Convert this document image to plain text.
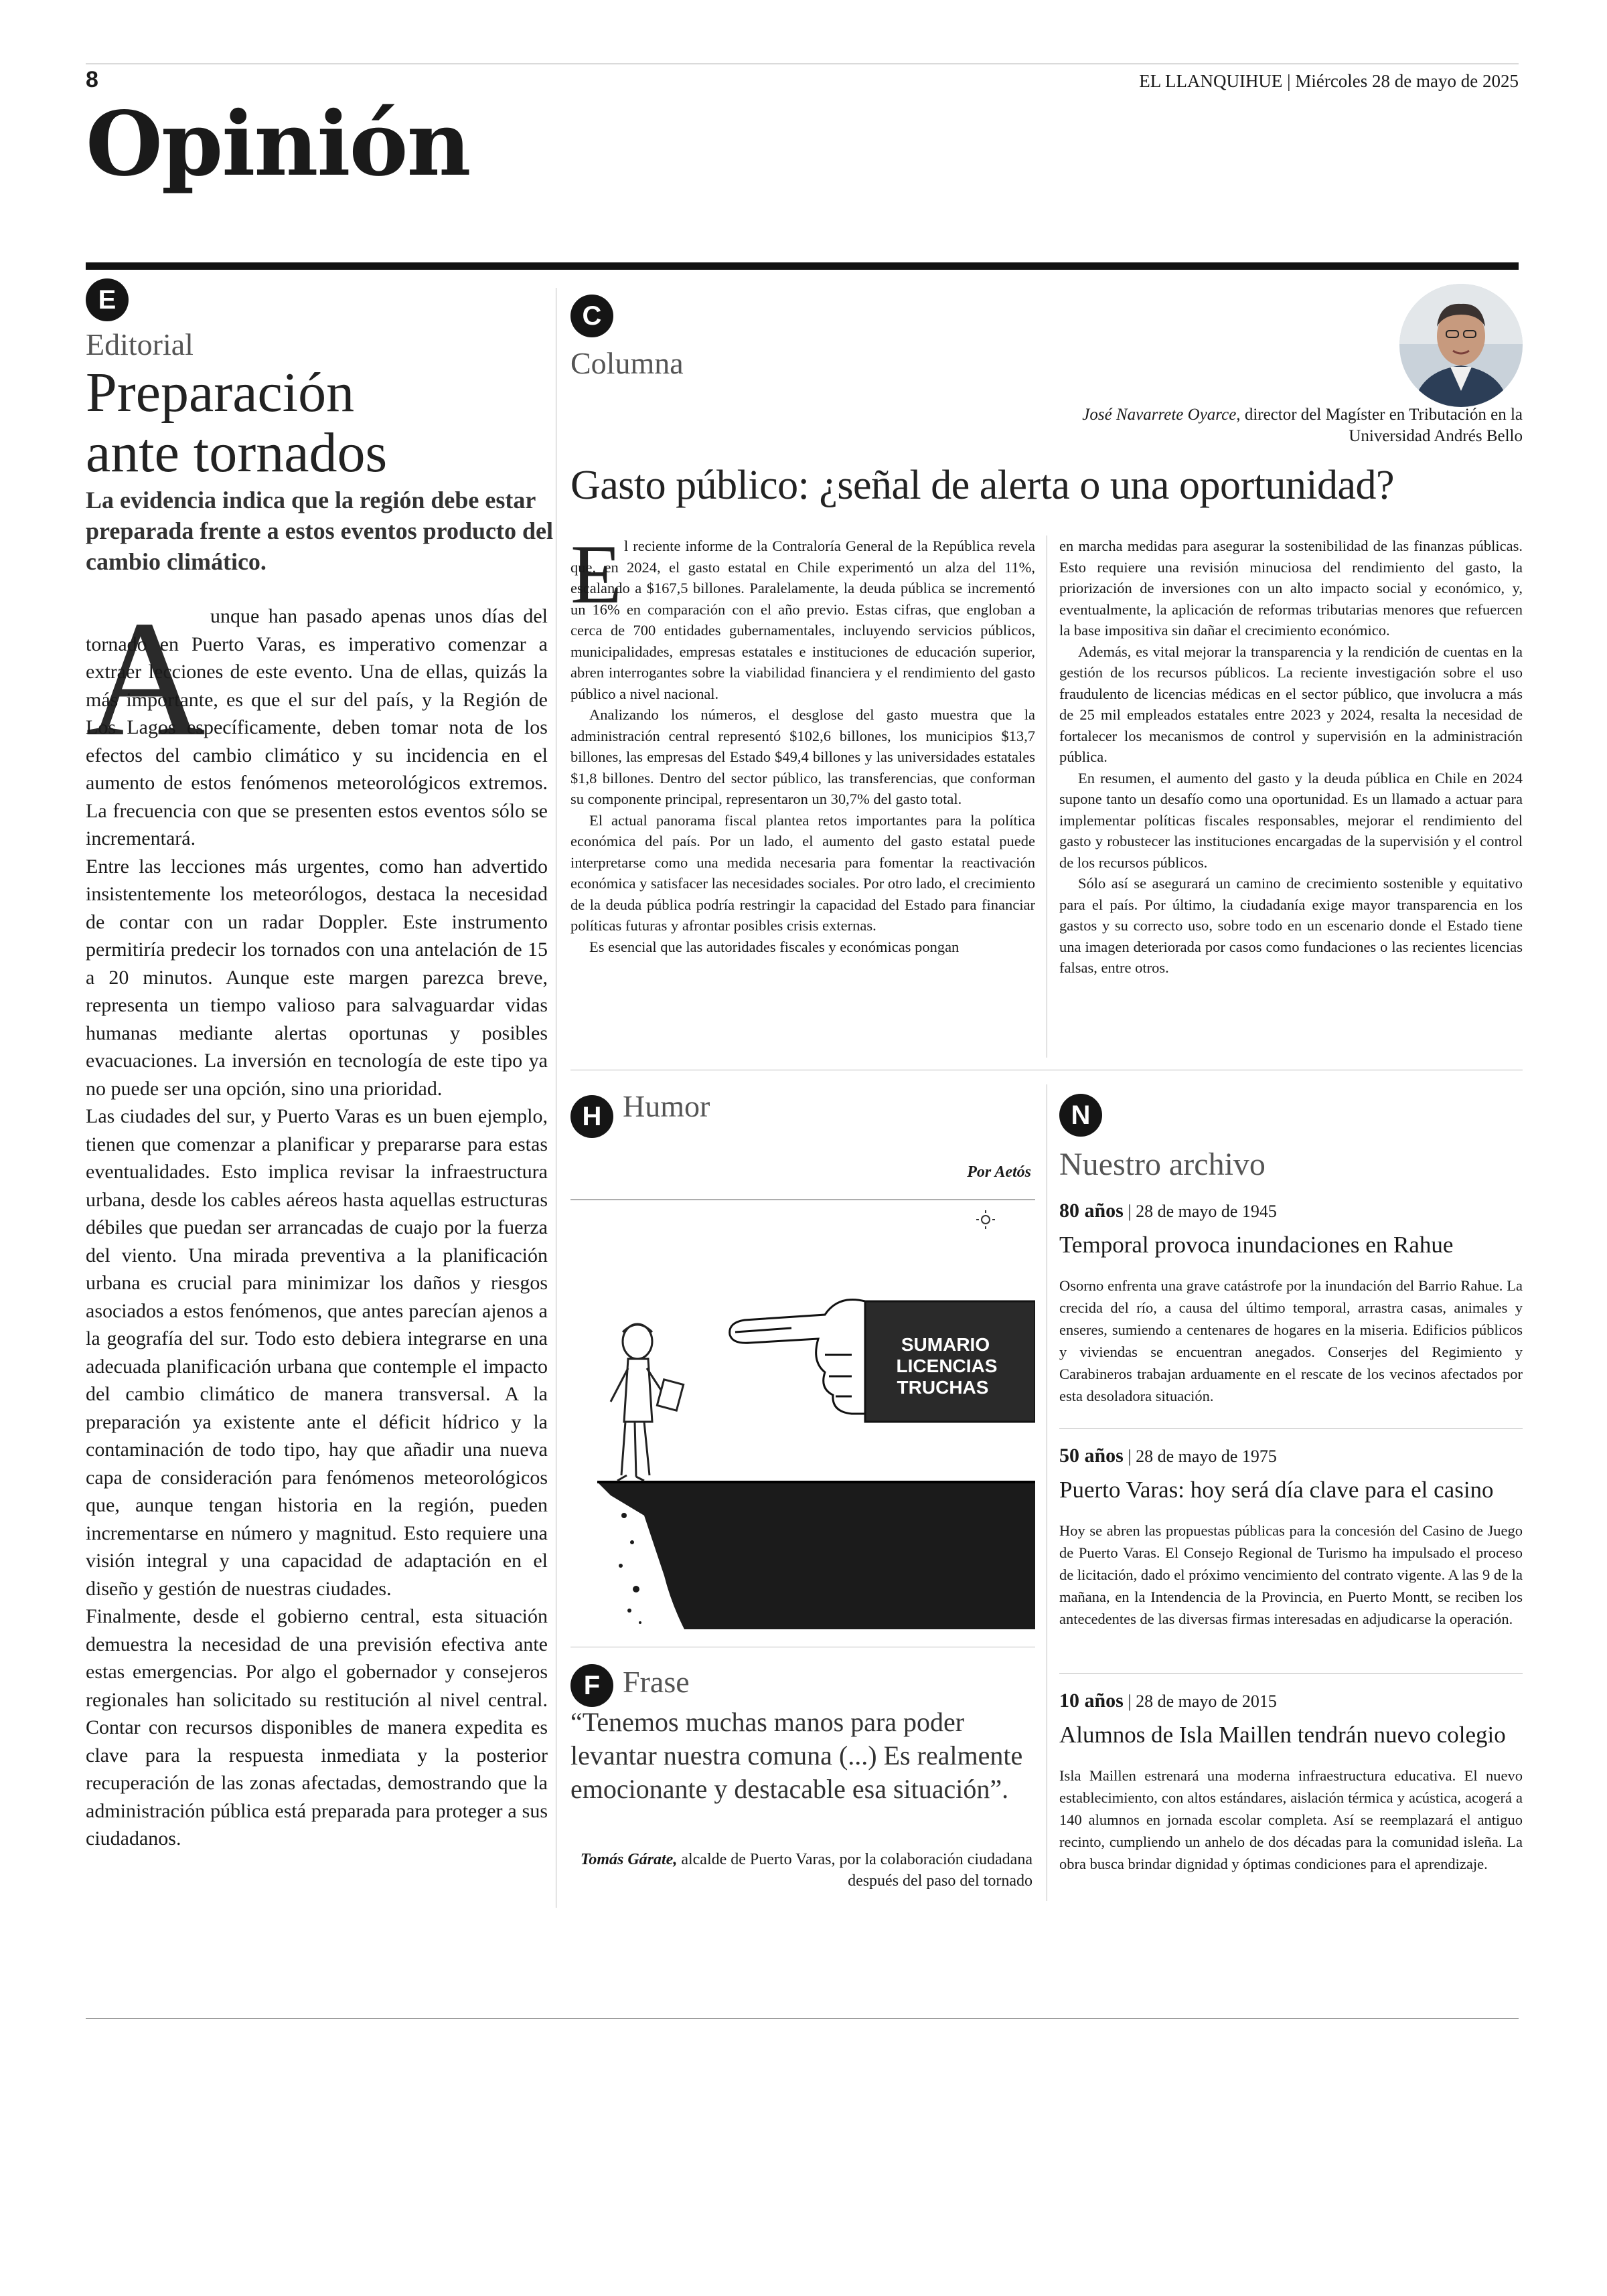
8	EL LLANQUIHUE | Miércoles 28 de mayo de 2025
Opinión
E
Editorial
Preparación
ante tornados
La evidencia indica que la región debe estar preparada frente a estos eventos producto del cambio climático.
A unque han pasado apenas unos días del tornado en Puerto Varas, es imperativo comenzar a extraer lecciones de este evento. Una de ellas, quizás la más importante, es que el sur del país, y la Región de Los Lagos específicamente, deben tomar nota de los efectos del cambio climático y su incidencia en el aumento de estos fenómenos meteorológicos extremos. La frecuencia con que se presenten estos eventos sólo se incrementará.

Entre las lecciones más urgentes, como han advertido insistentemente los meteorólogos, destaca la necesidad de contar con un radar Doppler. Este instrumento permitiría predecir los tornados con una antelación de 15 a 20 minutos. Aunque este margen parezca breve, representa un tiempo valioso para salvaguardar vidas humanas mediante alertas oportunas y posibles evacuaciones. La inversión en tecnología de este tipo ya no puede ser una opción, sino una prioridad.

Las ciudades del sur, y Puerto Varas es un buen ejemplo, tienen que comenzar a planificar y prepararse para estas eventualidades. Esto implica revisar la infraestructura urbana, desde los cables aéreos hasta aquellas estructuras débiles que puedan ser arrancadas de cuajo por la fuerza del viento. Una mirada preventiva a la planificación urbana es crucial para minimizar los daños y riesgos asociados a estos fenómenos, que antes parecían ajenos a la geografía del sur. Todo esto debiera integrarse en una adecuada planificación urbana que contemple el impacto del cambio climático de manera transversal. A la preparación ya existente ante el déficit hídrico y la contaminación de todo tipo, hay que añadir una nueva capa de consideración para fenómenos meteorológicos que, aunque tengan historia en la región, pueden incrementarse en número y magnitud. Esto requiere una visión integral y una capacidad de adaptación en el diseño y gestión de nuestras ciudades.

Finalmente, desde el gobierno central, esta situación demuestra la necesidad de una previsión efectiva ante estas emergencias. Por algo el gobernador y consejeros regionales han solicitado su restitución al nivel central. Contar con recursos disponibles de manera expedita es clave para la respuesta inmediata y la posterior recuperación de las zonas afectadas, demostrando que la administración pública está preparada para proteger a sus ciudadanos.

C
Columna
José Navarrete Oyarce, director del Magíster en Tributación en la Universidad Andrés Bello
Gasto público: ¿señal de alerta o una oportunidad?
E l reciente informe de la Contraloría General de la República revela que, en 2024, el gasto estatal en Chile experimentó un alza del 11%, escalando a $167,5 billones. Paralelamente, la deuda pública se incrementó un 16% en comparación con el año previo. Estas cifras, que engloban a cerca de 700 entidades gubernamentales, incluyendo servicios públicos, municipalidades, empresas estatales e instituciones de educación superior, abren interrogantes sobre la viabilidad financiera y el rendimiento del gasto público a nivel nacional.

Analizando los números, el desglose del gasto muestra que la administración central representó $102,6 billones, los municipios $13,7 billones, las empresas del Estado $49,4 billones y las universidades estatales $1,8 billones. Dentro del sector público, las transferencias, que conforman su componente principal, representaron un 30,7% del gasto total.

El actual panorama fiscal plantea retos importantes para la política económica del país. Por un lado, el aumento del gasto estatal puede interpretarse como una medida necesaria para fomentar la reactivación económica y satisfacer las necesidades sociales. Por otro lado, el crecimiento de la deuda pública podría restringir la capacidad del Estado para financiar políticas futuras y afrontar posibles crisis externas.

Es esencial que las autoridades fiscales y económicas pongan

en marcha medidas para asegurar la sostenibilidad de las finanzas públicas. Esto requiere una revisión minuciosa del rendimiento del gasto, la priorización de inversiones con un alto impacto social y económico, y, eventualmente, la aplicación de reformas tributarias menores que refuercen la base impositiva sin dañar el crecimiento económico.

Además, es vital mejorar la transparencia y la rendición de cuentas en la gestión de los recursos públicos. La reciente investigación sobre el uso fraudulento de licencias médicas en el sector público, que involucra a más de 25 mil empleados estatales entre 2023 y 2024, resalta la necesidad de fortalecer los mecanismos de control y supervisión en la administración pública.

En resumen, el aumento del gasto y la deuda pública en Chile en 2024 supone tanto un desafío como una oportunidad. Es un llamado a actuar para implementar políticas fiscales responsables, mejorar el rendimiento del gasto y robustecer las instituciones encargadas de la supervisión y el control de los recursos públicos.

Sólo así se asegurará un camino de crecimiento sostenible y equitativo para el país. Por último, la ciudadanía exige mayor transparencia en los gastos y su correcto uso, sobre todo en un escenario donde el Estado tiene una imagen deteriorada por casos como fundaciones o las recientes licencias falsas, entre otros.

H Humor
Por Aetós
SUMARIO
LICENCIAS
TRUCHAS
F Frase
“Tenemos muchas manos para poder levantar nuestra comuna (...) Es realmente emocionante y destacable esa situación”.
Tomás Gárate, alcalde de Puerto Varas, por la colaboración ciudadana después del paso del tornado
N
Nuestro archivo
80 años | 28 de mayo de 1945
Temporal provoca inundaciones en Rahue
Osorno enfrenta una grave catástrofe por la inundación del Barrio Rahue. La crecida del río, a causa del último temporal, arrastra casas, animales y enseres, sumiendo a centenares de hogares en la miseria. Edificios públicos y viviendas se encuentran anegados. Conserjes del Regimiento y Carabineros trabajan arduamente en el rescate de los vecinos afectados por esta desoladora situación.
50 años | 28 de mayo de 1975
Puerto Varas: hoy será día clave para el casino
Hoy se abren las propuestas públicas para la concesión del Casino de Juego de Puerto Varas. El Consejo Regional de Turismo ha impulsado el proceso de licitación, dado el próximo vencimiento del contrato vigente. A las 9 de la mañana, en la Intendencia de la Provincia, en Puerto Montt, se reciben los antecedentes de las diversas firmas interesadas en adjudicarse la operación.
10 años | 28 de mayo de 2015
Alumnos de Isla Maillen tendrán nuevo colegio
Isla Maillen estrenará una moderna infraestructura educativa. El nuevo establecimiento, con altos estándares, aislación térmica y acústica, acogerá a 140 alumnos en jornada escolar completa. Así se reemplazará el antiguo recinto, cumpliendo un anhelo de dos décadas para la comunidad isleña. La obra busca brindar dignidad y óptimas condiciones para el aprendizaje.
